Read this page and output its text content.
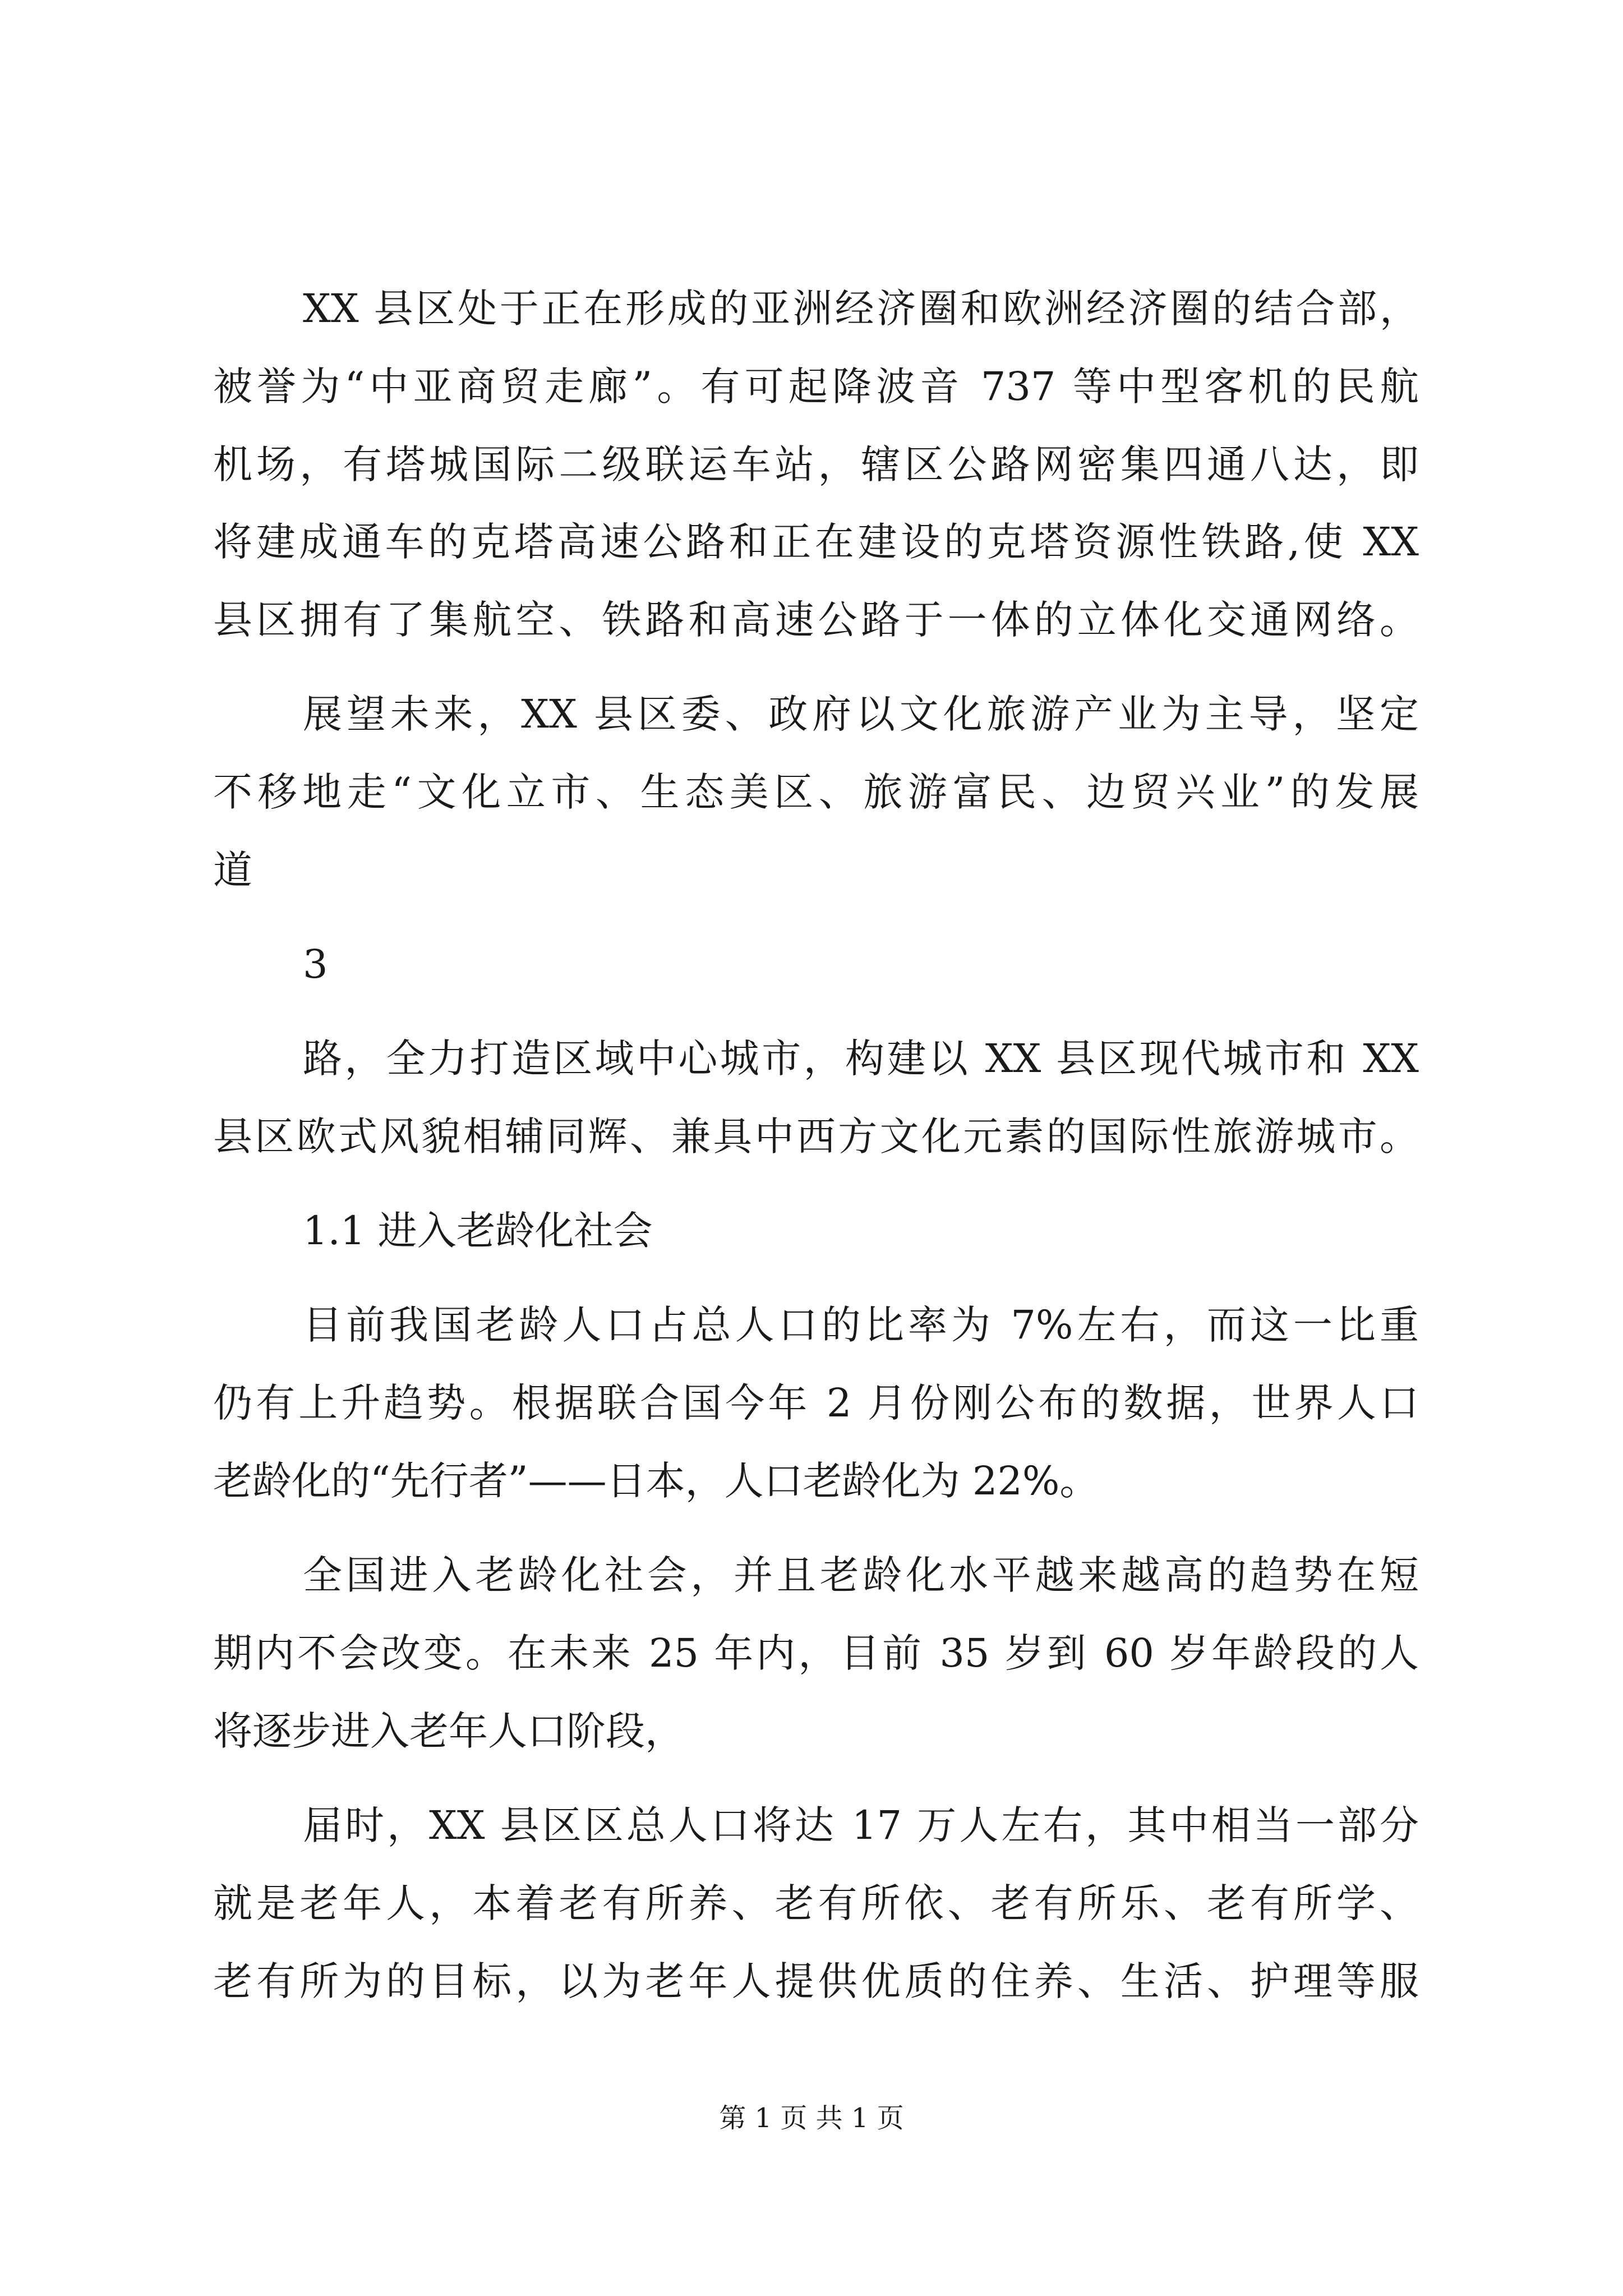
XX 县区处于正在形成的亚洲经济圈和欧洲经济圈的结合部，
被誉为“中亚商贸走廊”。有可起降波音 737 等中型客机的民航
机场，有塔城国际二级联运车站，辖区公路网密集四通八达，即
将建成通车的克塔高速公路和正在建设的克塔资源性铁路,使 XX
县区拥有了集航空、铁路和高速公路于一体的立体化交通网络。
展望未来，XX 县区委、政府以文化旅游产业为主导，坚定
不移地走“文化立市、生态美区、旅游富民、边贸兴业”的发展
道
3
路，全力打造区域中心城市，构建以 XX 县区现代城市和 XX
县区欧式风貌相辅同辉、兼具中西方文化元素的国际性旅游城市。
1.1 进入老龄化社会
目前我国老龄人口占总人口的比率为 7%左右，而这一比重
仍有上升趋势。根据联合国今年 2 月份刚公布的数据，世界人口
老龄化的“先行者”——日本，人口老龄化为 22%。
全国进入老龄化社会，并且老龄化水平越来越高的趋势在短
期内不会改变。在未来 25 年内，目前 35 岁到 60 岁年龄段的人
将逐步进入老年人口阶段，
届时，XX 县区区总人口将达 17 万人左右，其中相当一部分
就是老年人，本着老有所养、老有所依、老有所乐、老有所学、
老有所为的目标，以为老年人提供优质的住养、生活、护理等服
第 1 页 共 1 页
